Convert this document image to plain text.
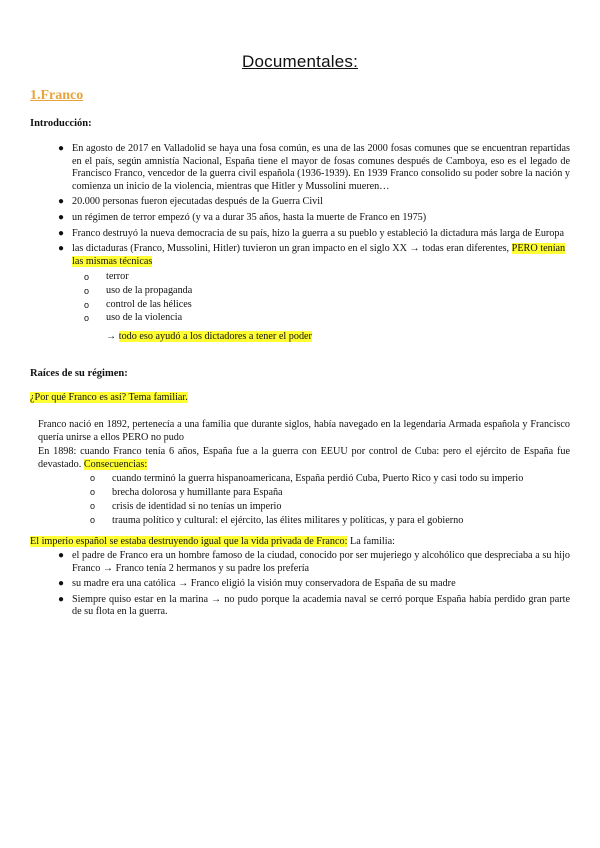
Documentales:
1.Franco
Introducción:
● En agosto de 2017 en Valladolid se haya una fosa común, es una de las 2000 fosas comunes que se encuentran repartidas en el país, según amnistía Nacional, España tiene el mayor de fosas comunes después de Camboya, eso es el legado de Francisco Franco, vencedor de la guerra civil española (1936-1939). En 1939 Franco consolido su poder sobre la nación y comienza un inicio de la violencia, mientras que Hitler y Mussolini mueren…
● 20.000 personas fueron ejecutadas después de la Guerra Civil
● un régimen de terror empezó (y va a durar 35 años, hasta la muerte de Franco en 1975)
● Franco destruyó la nueva democracia de su país, hizo la guerra a su pueblo y estableció la dictadura más larga de Europa
● las dictaduras (Franco, Mussolini, Hitler) tuvieron un gran impacto en el siglo XX → todas eran diferentes, PERO tenían las mismas técnicas
o terror
o uso de la propaganda
o control de las hélices
o uso de la violencia
→ todo eso ayudó a los dictadores a tener el poder
Raíces de su régimen:
¿Por qué Franco es así? Tema familiar.

Franco nació en 1892, pertenecía a una familia que durante siglos, había navegado en la legendaria Armada española y Francisco quería unirse a ellos PERO no pudo

En 1898: cuando Franco tenía 6 años, España fue a la guerra con EEUU por control de Cuba: pero el ejército de España fue devastado. Consecuencias:

o cuando terminó la guerra hispanoamericana, España perdió Cuba, Puerto Rico y casi todo su imperio
o brecha dolorosa y humillante para España
o crisis de identidad si no tenías un imperio
o trauma político y cultural: el ejército, las élites militares y políticas, y para el gobierno
El imperio español se estaba destruyendo igual que la vida privada de Franco: La familia:
● el padre de Franco era un hombre famoso de la ciudad, conocido por ser mujeriego y alcohólico que despreciaba a su hijo Franco → Franco tenía 2 hermanos y su padre los prefería
● su madre era una católica → Franco eligió la visión muy conservadora de España de su madre
● Siempre quiso estar en la marina → no pudo porque la academia naval se cerró porque España había perdido gran parte de su flota en la guerra.
